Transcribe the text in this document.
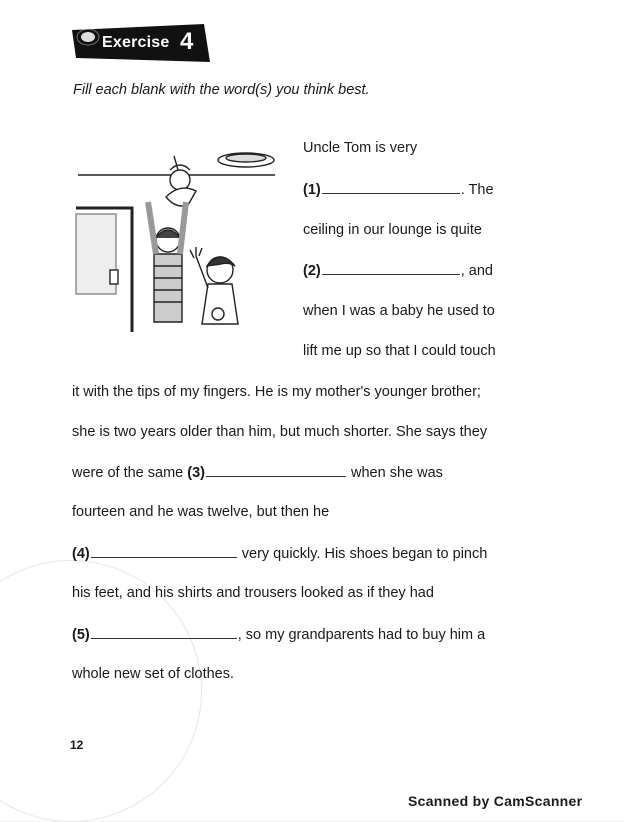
Exercise 4
Fill each blank with the word(s) you think best.
Uncle Tom is very
(1)	. The
ceiling in our lounge is quite
(2)	, and
when I was a baby he used to
lift me up so that I could touch
it with the tips of my fingers. He is my mother's younger brother;
she is two years older than him, but much shorter. She says they
were of the same (3)	when she was
fourteen and he was twelve, but then he
(4)	very quickly. His shoes began to pinch
his feet, and his shirts and trousers looked as if they had
(5)	, so my grandparents had to buy him a
whole new set of clothes.
12
Scanned by CamScanner
